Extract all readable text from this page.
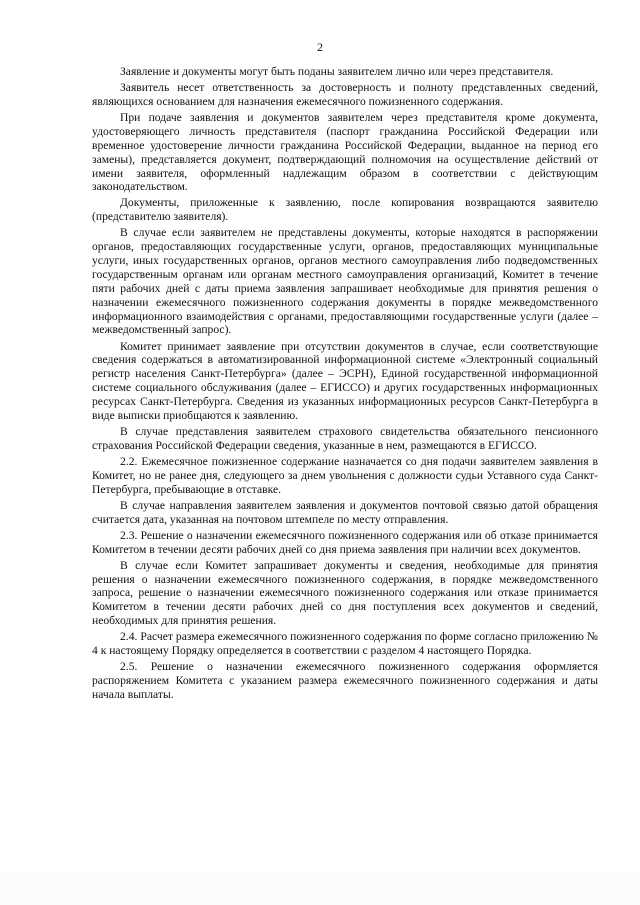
2

Заявление и документы могут быть поданы заявителем лично или через представителя.

Заявитель несет ответственность за достоверность и полноту представленных сведений, являющихся основанием для назначения ежемесячного пожизненного содержания.

При подаче заявления и документов заявителем через представителя кроме документа, удостоверяющего личность представителя (паспорт гражданина Российской Федерации или временное удостоверение личности гражданина Российской Федерации, выданное на период его замены), представляется документ, подтверждающий полномочия на осуществление действий от имени заявителя, оформленный надлежащим образом в соответствии с действующим законодательством.

Документы, приложенные к заявлению, после копирования возвращаются заявителю (представителю заявителя).

В случае если заявителем не представлены документы, которые находятся в распоряжении органов, предоставляющих государственные услуги, органов, предоставляющих муниципальные услуги, иных государственных органов, органов местного самоуправления либо подведомственных государственным органам или органам местного самоуправления организаций, Комитет в течение пяти рабочих дней с даты приема заявления запрашивает необходимые для принятия решения о назначении ежемесячного пожизненного содержания документы в порядке межведомственного информационного взаимодействия с органами, предоставляющими государственные услуги (далее – межведомственный запрос).

Комитет принимает заявление при отсутствии документов в случае, если соответствующие сведения содержаться в автоматизированной информационной системе «Электронный социальный регистр населения Санкт-Петербурга» (далее – ЭСРН), Единой государственной информационной системе социального обслуживания (далее – ЕГИССО) и других государственных информационных ресурсах Санкт-Петербурга. Сведения из указанных информационных ресурсов Санкт-Петербурга в виде выписки приобщаются к заявлению.

В случае представления заявителем страхового свидетельства обязательного пенсионного страхования Российской Федерации сведения, указанные в нем, размещаются в ЕГИССО.

2.2. Ежемесячное пожизненное содержание назначается со дня подачи заявителем заявления в Комитет, но не ранее дня, следующего за днем увольнения с должности судьи Уставного суда Санкт-Петербурга, пребывающие в отставке.

В случае направления заявителем заявления и документов почтовой связью датой обращения считается дата, указанная на почтовом штемпеле по месту отправления.

2.3. Решение о назначении ежемесячного пожизненного содержания или об отказе принимается Комитетом в течении десяти рабочих дней со дня приема заявления при наличии всех документов.

В случае если Комитет запрашивает документы и сведения, необходимые для принятия решения о назначении ежемесячного пожизненного содержания, в порядке межведомственного запроса, решение о назначении ежемесячного пожизненного содержания или отказе принимается Комитетом в течении десяти рабочих дней со дня поступления всех документов и сведений, необходимых для принятия решения.

2.4. Расчет размера ежемесячного пожизненного содержания по форме согласно приложению № 4 к настоящему Порядку определяется в соответствии с разделом 4 настоящего Порядка.

2.5. Решение о назначении ежемесячного пожизненного содержания оформляется распоряжением Комитета с указанием размера ежемесячного пожизненного содержания и даты начала выплаты.
